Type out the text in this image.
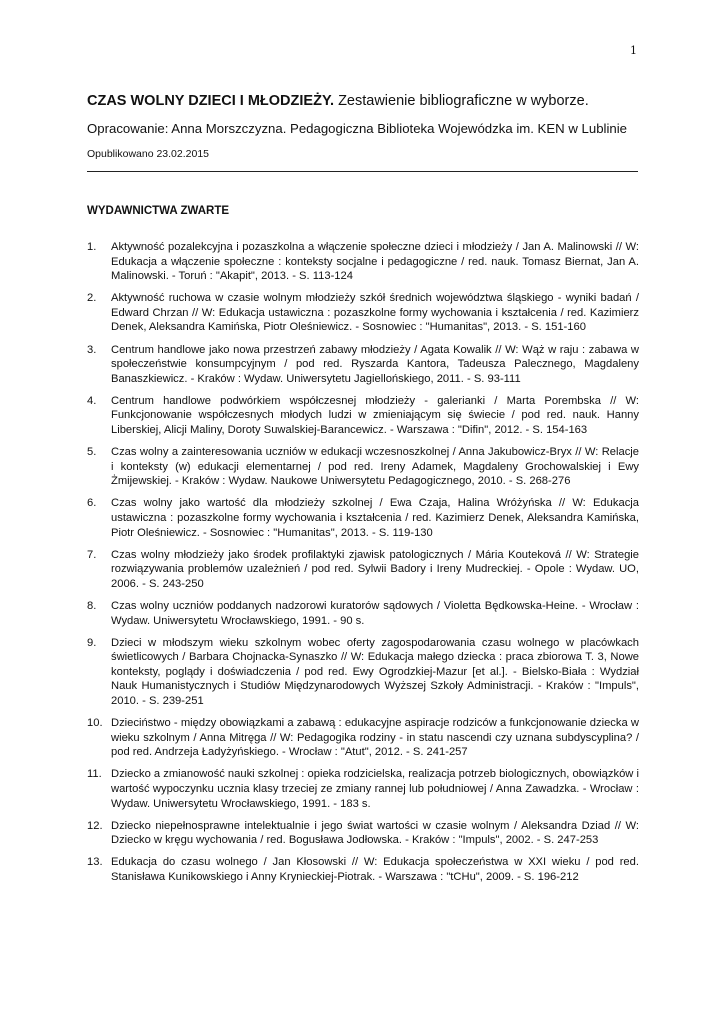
1
CZAS WOLNY DZIECI I MŁODZIEŻY. Zestawienie bibliograficzne w wyborze.
Opracowanie: Anna Morszczyzna. Pedagogiczna Biblioteka Wojewódzka im. KEN w Lublinie
Opublikowano 23.02.2015
WYDAWNICTWA ZWARTE
1.	Aktywność pozalekcyjna i pozaszkolna a włączenie społeczne dzieci i młodzieży / Jan A. Malinowski // W: Edukacja a włączenie społeczne : konteksty socjalne i pedagogiczne / red. nauk. Tomasz Biernat, Jan A. Malinowski. - Toruń : "Akapit", 2013. - S. 113-124
2.	Aktywność ruchowa w czasie wolnym młodzieży szkół średnich województwa śląskiego - wyniki badań / Edward Chrzan // W: Edukacja ustawiczna : pozaszkolne formy wychowania i kształcenia / red. Kazimierz Denek, Aleksandra Kamińska, Piotr Oleśniewicz. - Sosnowiec : "Humanitas", 2013. - S. 151-160
3.	Centrum handlowe jako nowa przestrzeń zabawy młodzieży / Agata Kowalik // W: Wąż w raju : zabawa w społeczeństwie konsumpcyjnym / pod red. Ryszarda Kantora, Tadeusza Palecznego, Magdaleny Banaszkiewicz. - Kraków : Wydaw. Uniwersytetu Jagiellońskiego, 2011. - S. 93-111
4.	Centrum handlowe podwórkiem współczesnej młodzieży - galerianki / Marta Porembska // W: Funkcjonowanie współczesnych młodych ludzi w zmieniającym się świecie / pod red. nauk. Hanny Liberskiej, Alicji Maliny, Doroty Suwalskiej-Barancewicz. - Warszawa : "Difin", 2012. - S. 154-163
5.	Czas wolny a zainteresowania uczniów w edukacji wczesnoszkolnej / Anna Jakubowicz-Bryx // W: Relacje i konteksty (w) edukacji elementarnej / pod red. Ireny Adamek, Magdaleny Grochowalskiej i Ewy Żmijewskiej. - Kraków : Wydaw. Naukowe Uniwersytetu Pedagogicznego, 2010. - S. 268-276
6.	Czas wolny jako wartość dla młodzieży szkolnej / Ewa Czaja, Halina Wróżyńska // W: Edukacja ustawiczna : pozaszkolne formy wychowania i kształcenia / red. Kazimierz Denek, Aleksandra Kamińska, Piotr Oleśniewicz. - Sosnowiec : "Humanitas", 2013. - S. 119-130
7.	Czas wolny młodzieży jako środek profilaktyki zjawisk patologicznych / Mária Kouteková // W: Strategie rozwiązywania problemów uzależnień / pod red. Sylwii Badory i Ireny Mudreckiej. - Opole : Wydaw. UO, 2006. - S. 243-250
8.	Czas wolny uczniów poddanych nadzorowi kuratorów sądowych / Violetta Będkowska-Heine. - Wrocław : Wydaw. Uniwersytetu Wrocławskiego, 1991. - 90 s.
9.	Dzieci w młodszym wieku szkolnym wobec oferty zagospodarowania czasu wolnego w placówkach świetlicowych / Barbara Chojnacka-Synaszko // W: Edukacja małego dziecka : praca zbiorowa T. 3, Nowe konteksty, poglądy i doświadczenia / pod red. Ewy Ogrodzkiej-Mazur [et al.]. - Bielsko-Biała : Wydział Nauk Humanistycznych i Studiów Międzynarodowych Wyższej Szkoły Administracji. - Kraków : "Impuls", 2010. - S. 239-251
10. Dzieciństwo - między obowiązkami a zabawą : edukacyjne aspiracje rodziców a funkcjonowanie dziecka w wieku szkolnym / Anna Mitręga // W: Pedagogika rodziny - in statu nascendi czy uznana subdyscyplina? / pod red. Andrzeja Ładyżyńskiego. - Wrocław : "Atut", 2012. - S. 241-257
11. Dziecko a zmianowość nauki szkolnej : opieka rodzicielska, realizacja potrzeb biologicznych, obowiązków i wartość wypoczynku ucznia klasy trzeciej ze zmiany rannej lub południowej / Anna Zawadzka. - Wrocław : Wydaw. Uniwersytetu Wrocławskiego, 1991. - 183 s.
12. Dziecko niepełnosprawne intelektualnie i jego świat wartości w czasie wolnym / Aleksandra Dziad // W: Dziecko w kręgu wychowania / red. Bogusława Jodłowska. - Kraków : "Impuls", 2002. - S. 247-253
13. Edukacja do czasu wolnego / Jan Kłosowski // W: Edukacja społeczeństwa w XXI wieku / pod red. Stanisława Kunikowskiego i Anny Krynieckiej-Piotrak. - Warszawa : "tCHu", 2009. - S. 196-212
